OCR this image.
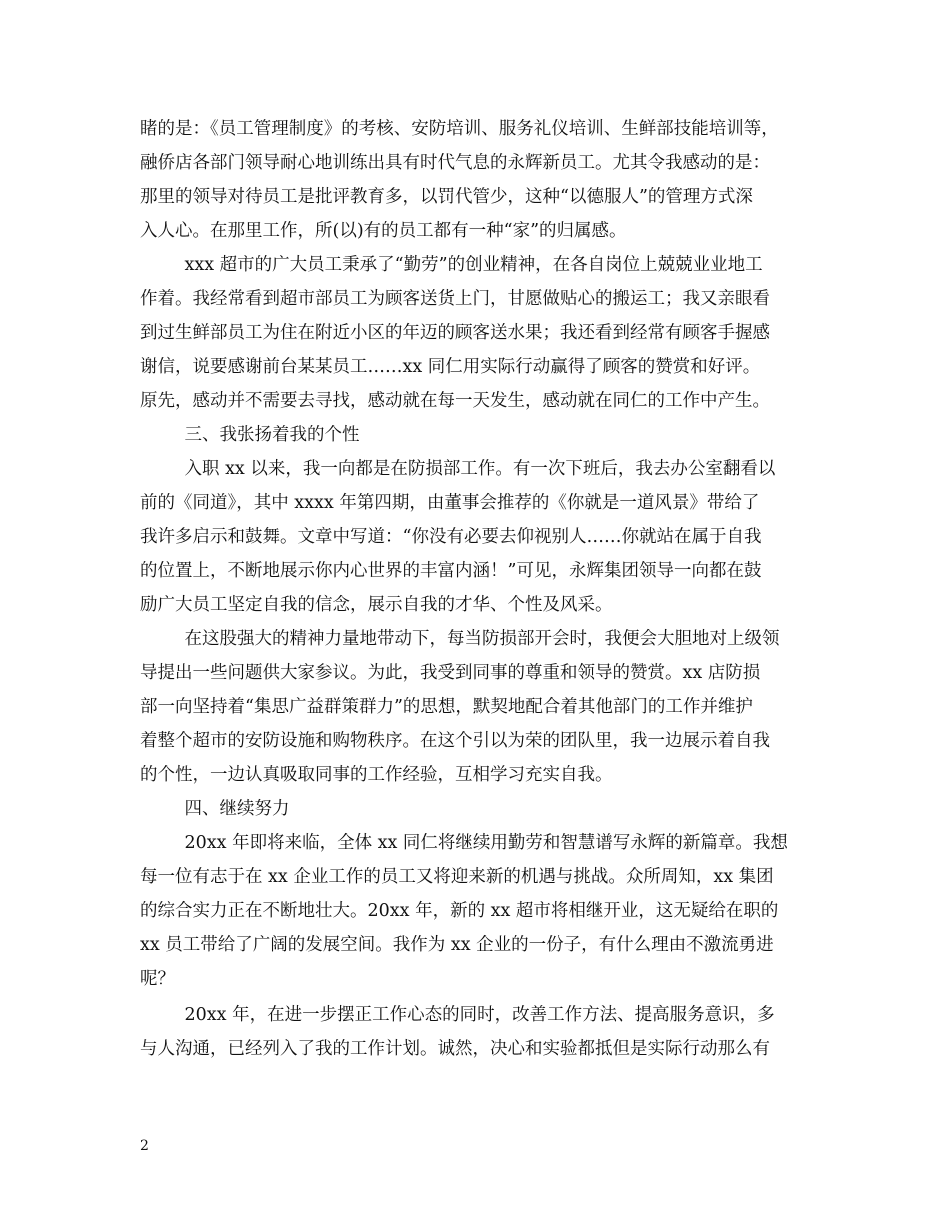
睹的是：《员工管理制度》的考核、安防培训、服务礼仪培训、生鲜部技能培训等，
融侨店各部门领导耐心地训练出具有时代气息的永辉新员工。尤其令我感动的是：
那里的领导对待员工是批评教育多，以罚代管少，这种“以德服人”的管理方式深
入人心。在那里工作，所(以)有的员工都有一种“家”的归属感。
xxx 超市的广大员工秉承了“勤劳”的创业精神，在各自岗位上兢兢业业地工
作着。我经常看到超市部员工为顾客送货上门，甘愿做贴心的搬运工；我又亲眼看
到过生鲜部员工为住在附近小区的年迈的顾客送水果；我还看到经常有顾客手握感
谢信，说要感谢前台某某员工……xx 同仁用实际行动赢得了顾客的赞赏和好评。
原先，感动并不需要去寻找，感动就在每一天发生，感动就在同仁的工作中产生。
三、我张扬着我的个性
入职 xx 以来，我一向都是在防损部工作。有一次下班后，我去办公室翻看以
前的《同道》，其中 xxxx 年第四期，由董事会推荐的《你就是一道风景》带给了
我许多启示和鼓舞。文章中写道：“你没有必要去仰视别人……你就站在属于自我
的位置上，不断地展示你内心世界的丰富内涵！”可见，永辉集团领导一向都在鼓
励广大员工坚定自我的信念，展示自我的才华、个性及风采。
在这股强大的精神力量地带动下，每当防损部开会时，我便会大胆地对上级领
导提出一些问题供大家参议。为此，我受到同事的尊重和领导的赞赏。xx 店防损
部一向坚持着“集思广益群策群力”的思想，默契地配合着其他部门的工作并维护
着整个超市的安防设施和购物秩序。在这个引以为荣的团队里，我一边展示着自我
的个性，一边认真吸取同事的工作经验，互相学习充实自我。
四、继续努力
20xx 年即将来临，全体 xx 同仁将继续用勤劳和智慧谱写永辉的新篇章。我想
每一位有志于在 xx 企业工作的员工又将迎来新的机遇与挑战。众所周知，xx 集团
的综合实力正在不断地壮大。20xx 年，新的 xx 超市将相继开业，这无疑给在职的
xx 员工带给了广阔的发展空间。我作为 xx 企业的一份子，有什么理由不激流勇进
呢？
20xx 年，在进一步摆正工作心态的同时，改善工作方法、提高服务意识，多
与人沟通，已经列入了我的工作计划。诚然，决心和实验都抵但是实际行动那么有
2
